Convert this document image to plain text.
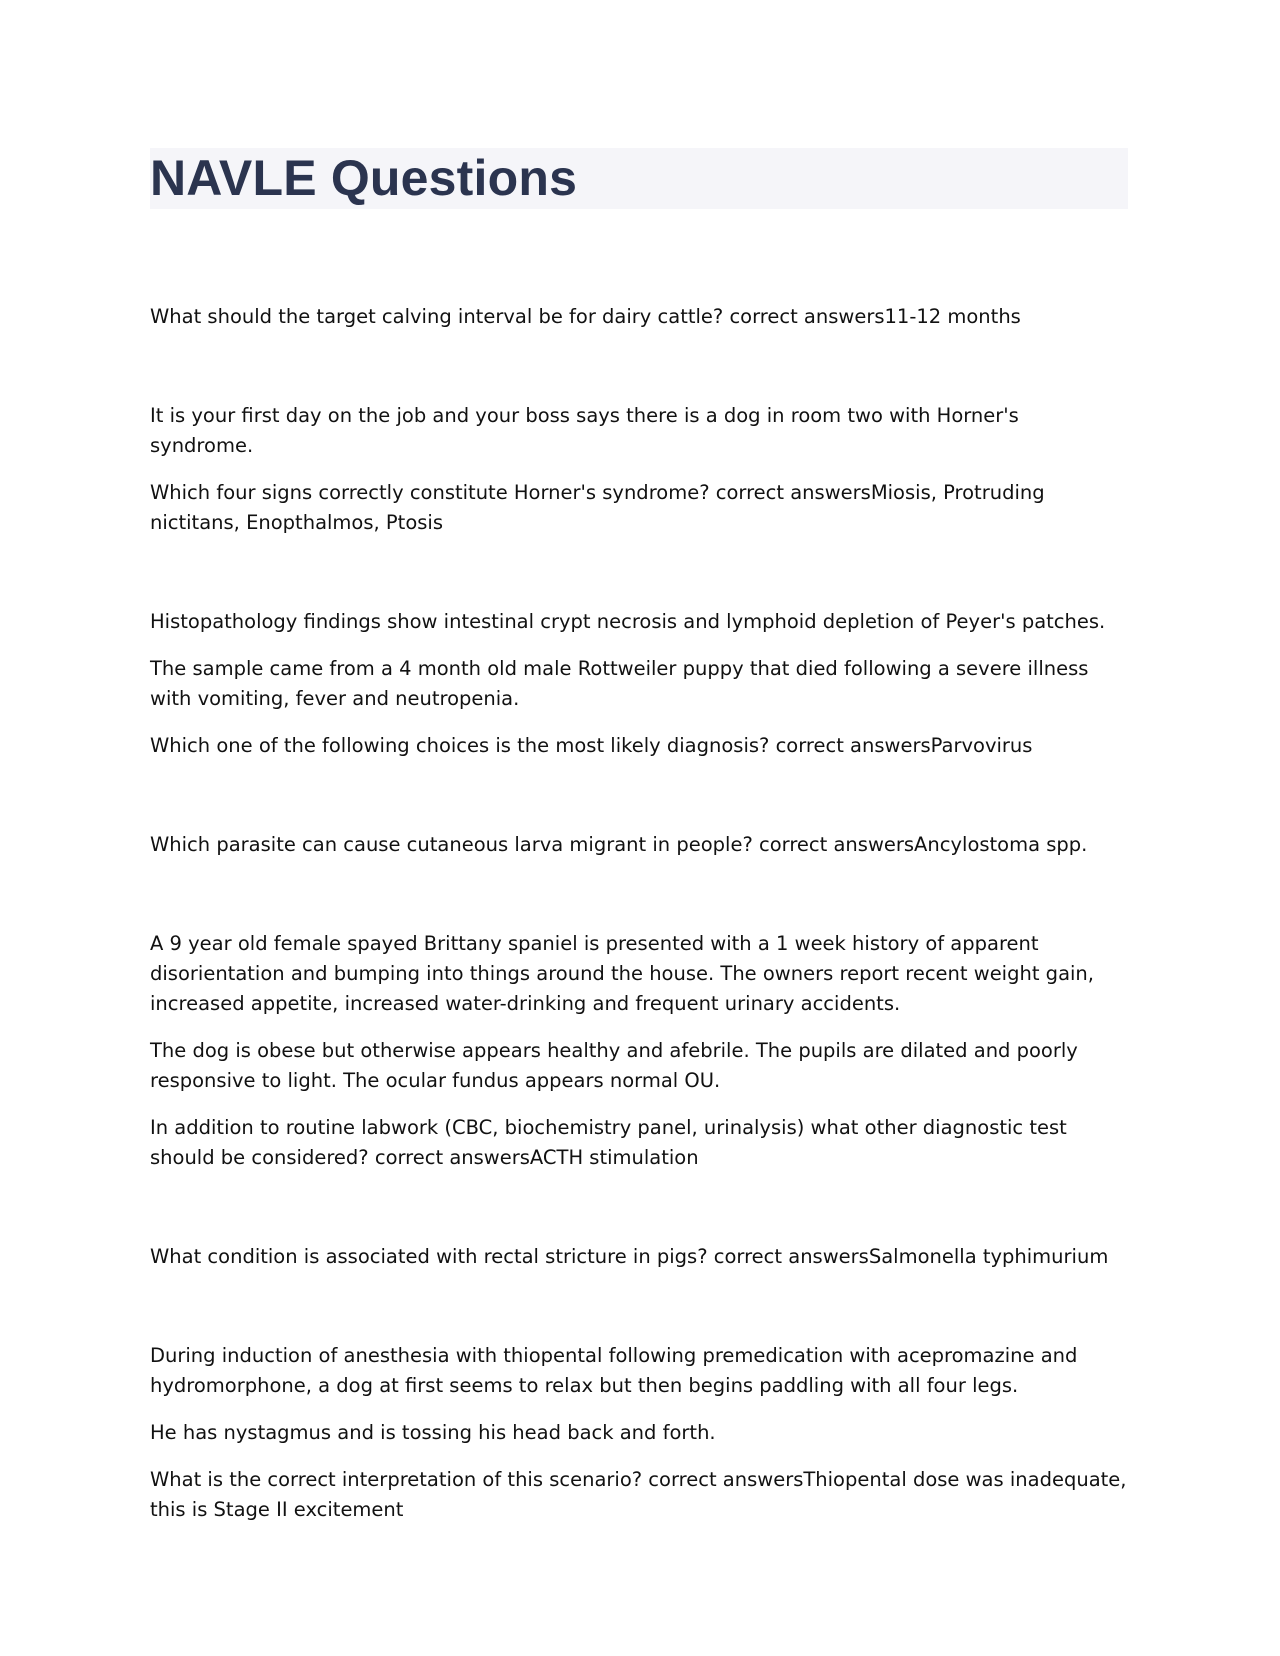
NAVLE Questions

What should the target calving interval be for dairy cattle? correct answers11-12 months

It is your first day on the job and your boss says there is a dog in room two with Horner's syndrome.

Which four signs correctly constitute Horner's syndrome? correct answersMiosis, Protruding nictitans, Enopthalmos, Ptosis

Histopathology findings show intestinal crypt necrosis and lymphoid depletion of Peyer's patches.

The sample came from a 4 month old male Rottweiler puppy that died following a severe illness with vomiting, fever and neutropenia.

Which one of the following choices is the most likely diagnosis? correct answersParvovirus

Which parasite can cause cutaneous larva migrant in people? correct answersAncylostoma spp.

A 9 year old female spayed Brittany spaniel is presented with a 1 week history of apparent disorientation and bumping into things around the house. The owners report recent weight gain, increased appetite, increased water-drinking and frequent urinary accidents.

The dog is obese but otherwise appears healthy and afebrile. The pupils are dilated and poorly responsive to light. The ocular fundus appears normal OU.

In addition to routine labwork (CBC, biochemistry panel, urinalysis) what other diagnostic test should be considered? correct answersACTH stimulation

What condition is associated with rectal stricture in pigs? correct answersSalmonella typhimurium

During induction of anesthesia with thiopental following premedication with acepromazine and hydromorphone, a dog at first seems to relax but then begins paddling with all four legs.

He has nystagmus and is tossing his head back and forth.

What is the correct interpretation of this scenario? correct answersThiopental dose was inadequate, this is Stage II excitement
